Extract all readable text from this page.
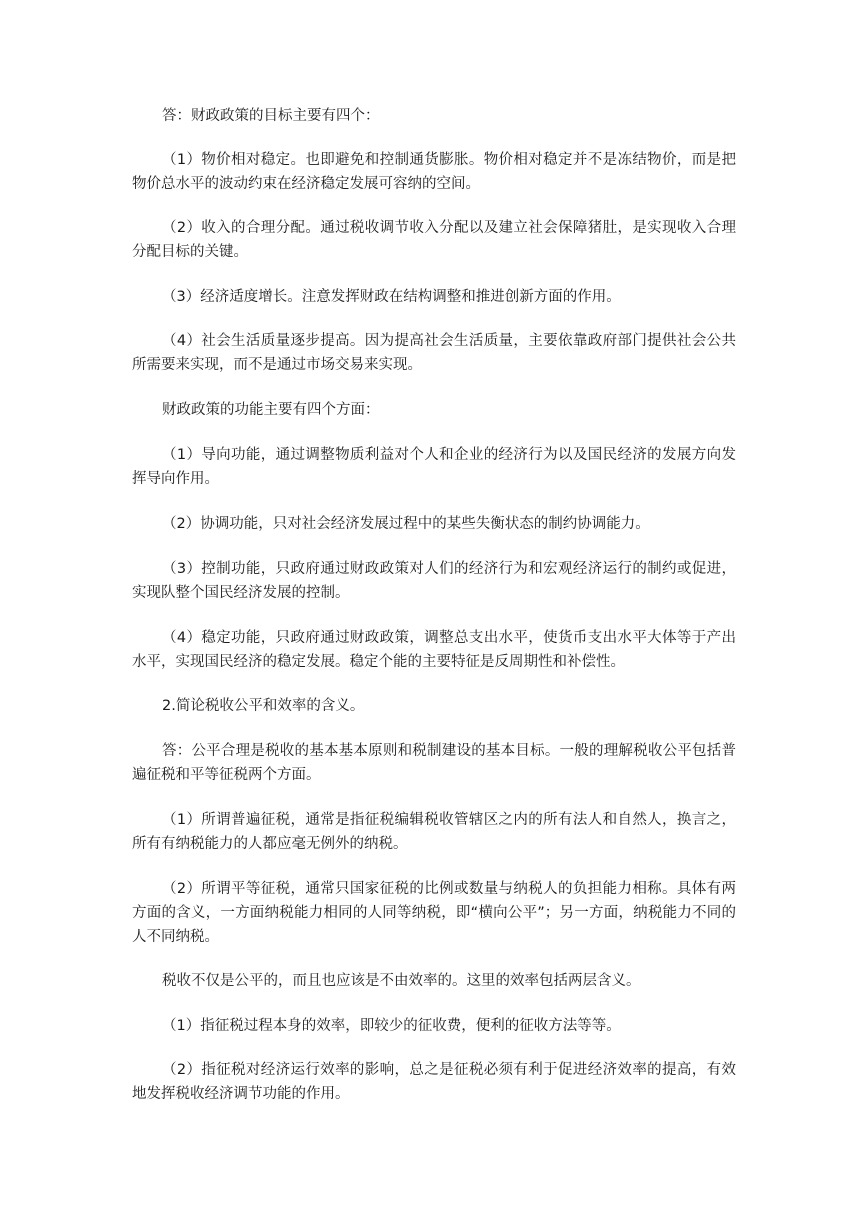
答：财政政策的目标主要有四个：

（1）物价相对稳定。也即避免和控制通货膨胀。物价相对稳定并不是冻结物价，而是把物价总水平的波动约束在经济稳定发展可容纳的空间。

（2）收入的合理分配。通过税收调节收入分配以及建立社会保障猪肚，是实现收入合理分配目标的关键。

（3）经济适度增长。注意发挥财政在结构调整和推进创新方面的作用。

（4）社会生活质量逐步提高。因为提高社会生活质量，主要依靠政府部门提供社会公共所需要来实现，而不是通过市场交易来实现。

财政政策的功能主要有四个方面：

（1）导向功能，通过调整物质利益对个人和企业的经济行为以及国民经济的发展方向发挥导向作用。

（2）协调功能，只对社会经济发展过程中的某些失衡状态的制约协调能力。

（3）控制功能，只政府通过财政政策对人们的经济行为和宏观经济运行的制约或促进，实现队整个国民经济发展的控制。

（4）稳定功能，只政府通过财政政策，调整总支出水平，使货币支出水平大体等于产出水平，实现国民经济的稳定发展。稳定个能的主要特征是反周期性和补偿性。

2.简论税收公平和效率的含义。

答：公平合理是税收的基本基本原则和税制建设的基本目标。一般的理解税收公平包括普遍征税和平等征税两个方面。

（1）所谓普遍征税，通常是指征税编辑税收管辖区之内的所有法人和自然人，换言之，所有有纳税能力的人都应毫无例外的纳税。

（2）所谓平等征税，通常只国家征税的比例或数量与纳税人的负担能力相称。具体有两方面的含义，一方面纳税能力相同的人同等纳税，即“横向公平”；另一方面，纳税能力不同的人不同纳税。

税收不仅是公平的，而且也应该是不由效率的。这里的效率包括两层含义。

（1）指征税过程本身的效率，即较少的征收费，便利的征收方法等等。

（2）指征税对经济运行效率的影响，总之是征税必须有利于促进经济效率的提高，有效地发挥税收经济调节功能的作用。
